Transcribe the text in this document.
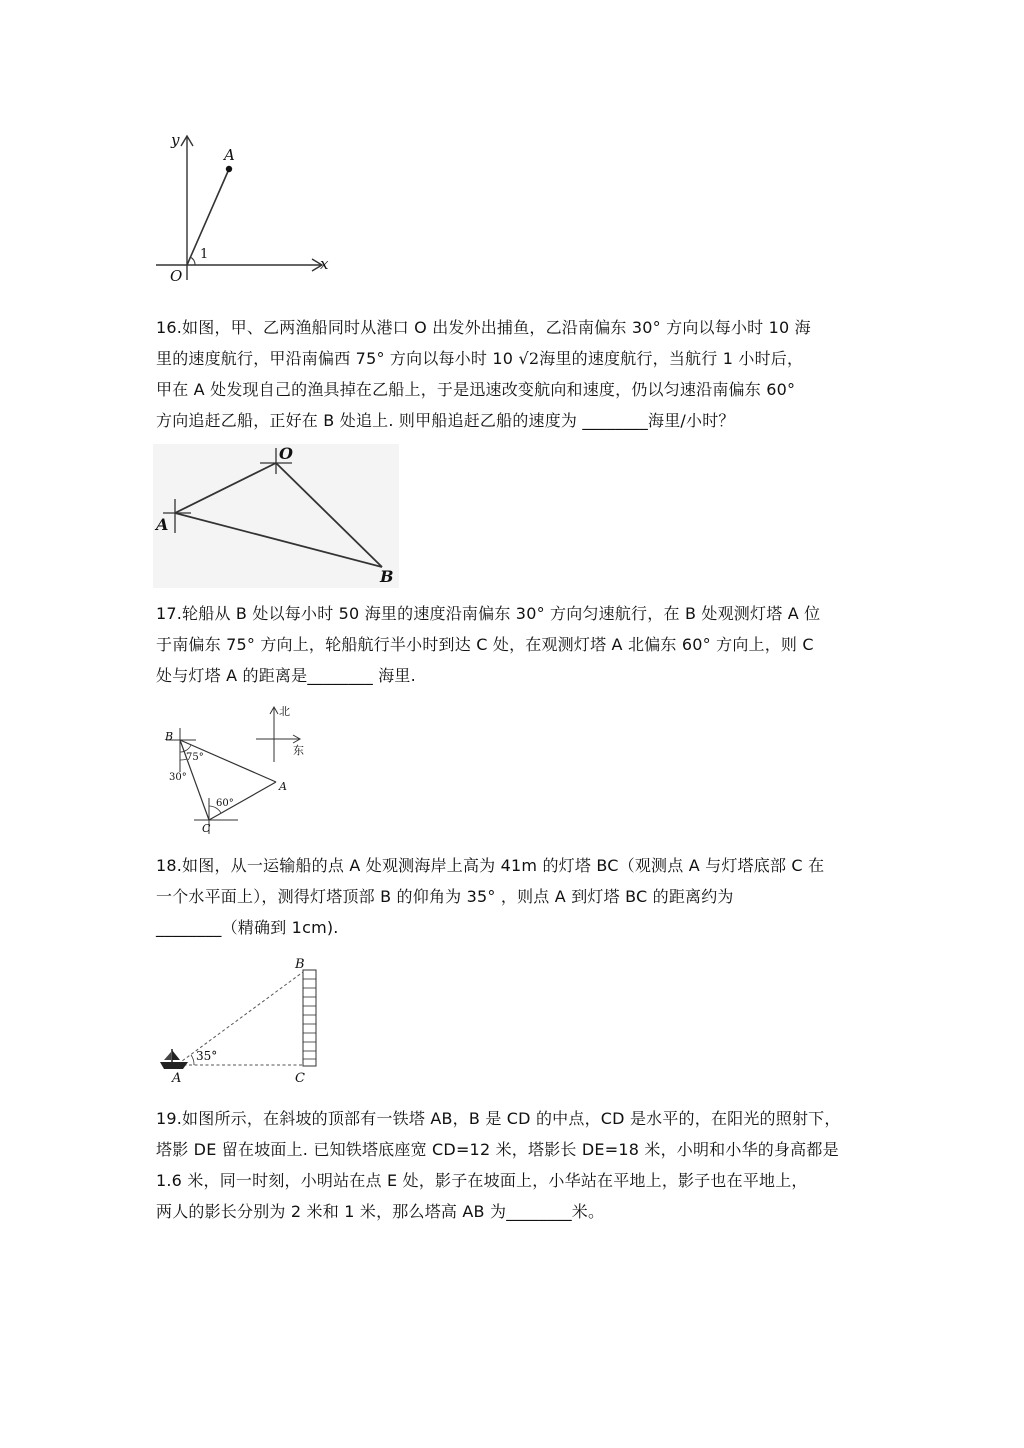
y
x
O
A
1

16.如图，甲、乙两渔船同时从港口 O 出发外出捕鱼，乙沿南偏东 30° 方向以每小时 10 海

里的速度航行，甲沿南偏西 75° 方向以每小时 10 √2海里的速度航行，当航行 1 小时后，

甲在 A 处发现自己的渔具掉在乙船上，于是迅速改变航向和速度，仍以匀速沿南偏东 60°

方向追赶乙船，正好在 B 处追上. 则甲船追赶乙船的速度为 ________海里/小时？

O
A
B

17.轮船从 B 处以每小时 50 海里的速度沿南偏东 30° 方向匀速航行，在 B 处观测灯塔 A 位

于南偏东 75° 方向上，轮船航行半小时到达 C 处，在观测灯塔 A 北偏东 60° 方向上，则 C

处与灯塔 A 的距离是________ 海里.

北
东
B
A
C
75°
30°
60°

18.如图，从一运输船的点 A 处观测海岸上高为 41m 的灯塔 BC（观测点 A 与灯塔底部 C 在

一个水平面上），测得灯塔顶部 B 的仰角为 35° ，则点 A 到灯塔 BC 的距离约为

________（精确到 1cm).

B
A	C
35°

19.如图所示，在斜坡的顶部有一铁塔 AB，B 是 CD 的中点，CD 是水平的，在阳光的照射下，

塔影 DE 留在坡面上. 已知铁塔底座宽 CD=12 米，塔影长 DE=18 米，小明和小华的身高都是

1.6 米，同一时刻，小明站在点 E 处，影子在坡面上，小华站在平地上，影子也在平地上，

两人的影长分别为 2 米和 1 米，那么塔高 AB 为________米。
